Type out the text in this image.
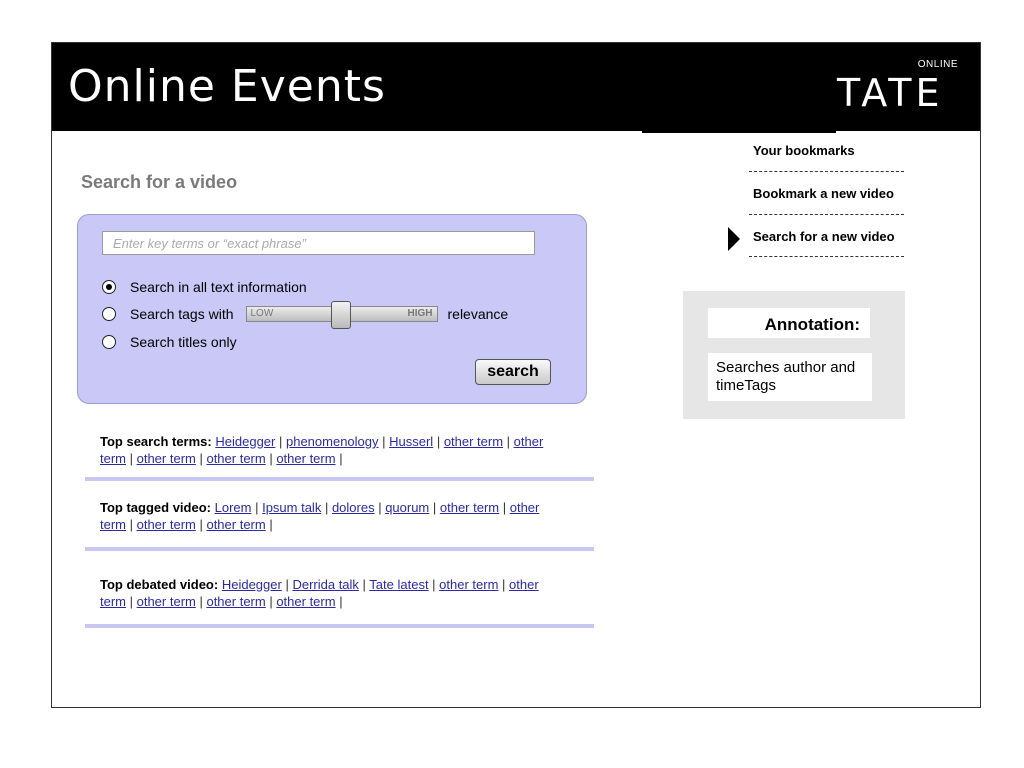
Online Events	ONLINE
TATE
Your bookmarks
Bookmark a new video
Search for a new video
Search for a video
Enter key terms or “exact phrase”
Search in all text information
Search tags with LOW	HIGH relevance
Search titles only
search
Top search terms: Heidegger | phenomenology | Husserl | other term | other term | other term | other term | other term |
Top tagged video: Lorem | Ipsum talk | dolores | quorum | other term | other term | other term | other term |
Top debated video: Heidegger | Derrida talk | Tate latest | other term | other term | other term | other term | other term |
Annotation:
Searches author and timeTags
